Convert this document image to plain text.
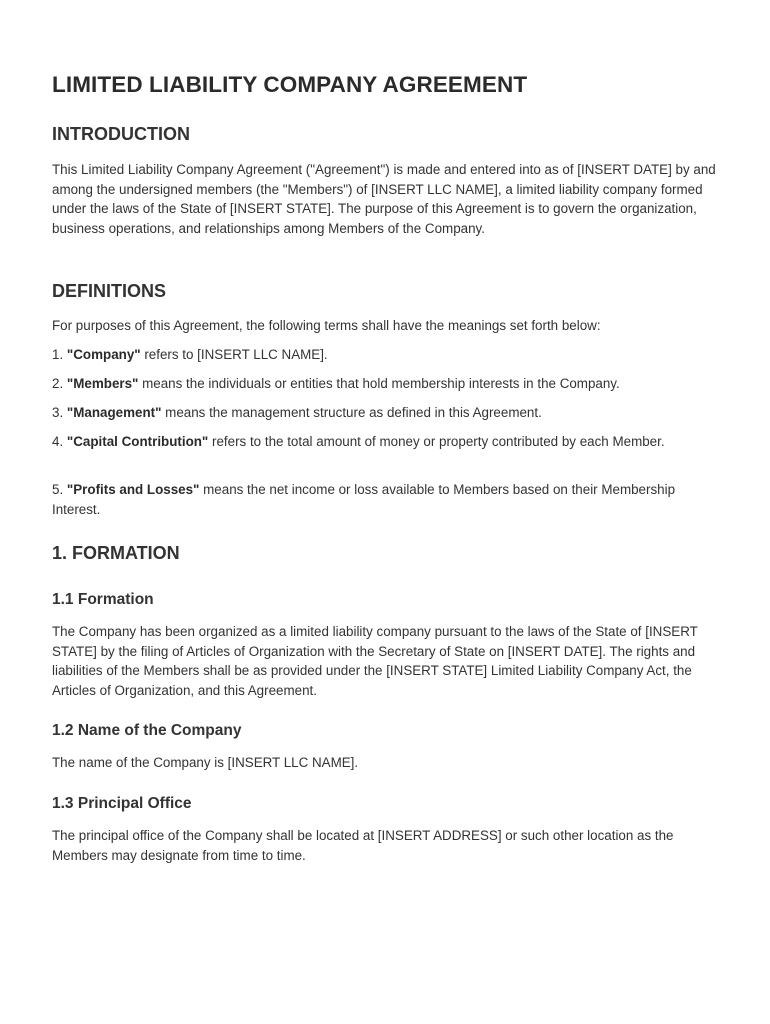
LIMITED LIABILITY COMPANY AGREEMENT
INTRODUCTION

This Limited Liability Company Agreement ("Agreement") is made and entered into as of [INSERT DATE] by and among the undersigned members (the "Members") of [INSERT LLC NAME], a limited liability company formed under the laws of the State of [INSERT STATE]. The purpose of this Agreement is to govern the organization, business operations, and relationships among Members of the Company.

DEFINITIONS

For purposes of this Agreement, the following terms shall have the meanings set forth below:

1. "Company" refers to [INSERT LLC NAME].

2. "Members" means the individuals or entities that hold membership interests in the Company.

3. "Management" means the management structure as defined in this Agreement.

4. "Capital Contribution" refers to the total amount of money or property contributed by each Member.

5. "Profits and Losses" means the net income or loss available to Members based on their Membership Interest.

1. FORMATION
1.1 Formation

The Company has been organized as a limited liability company pursuant to the laws of the State of [INSERT STATE] by the filing of Articles of Organization with the Secretary of State on [INSERT DATE]. The rights and liabilities of the Members shall be as provided under the [INSERT STATE] Limited Liability Company Act, the Articles of Organization, and this Agreement.

1.2 Name of the Company

The name of the Company is [INSERT LLC NAME].

1.3 Principal Office

The principal office of the Company shall be located at [INSERT ADDRESS] or such other location as the Members may designate from time to time.
